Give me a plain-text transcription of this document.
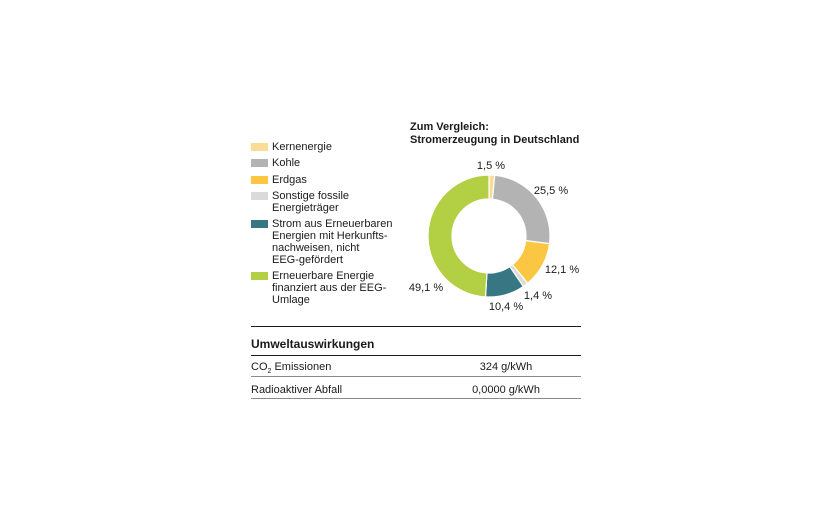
Kernenergie
Kohle
Erdgas
Sonstige fossile
Energieträger
Strom aus Erneuerbaren
Energien mit Herkunfts-
nachweisen, nicht
EEG-gefördert
Erneuerbare Energie
finanziert aus der EEG-
Umlage
Zum Vergleich:
Stromerzeugung in Deutschland
1,5 %
25,5 %
12,1 %
1,4 %
10,4 %
49,1 %
Umweltauswirkungen
$CO_2$ Emissionen	324 g/kWh
Radioaktiver Abfall	0,0000 g/kWh
